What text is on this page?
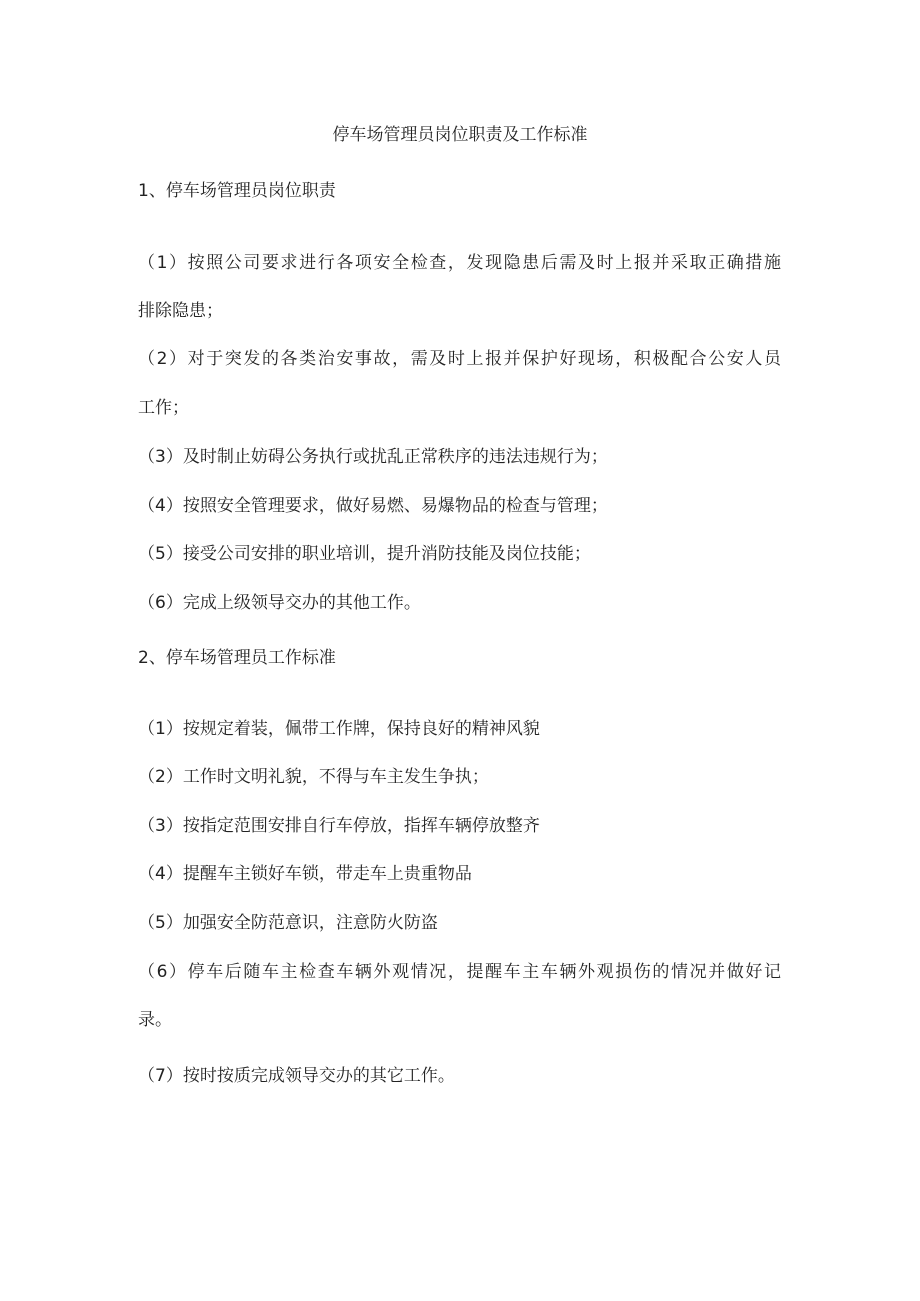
停车场管理员岗位职责及工作标准
1、停车场管理员岗位职责
（1）按照公司要求进行各项安全检查，发现隐患后需及时上报并采取正确措施
排除隐患；
（2）对于突发的各类治安事故，需及时上报并保护好现场，积极配合公安人员
工作；
（3）及时制止妨碍公务执行或扰乱正常秩序的违法违规行为；
（4）按照安全管理要求，做好易燃、易爆物品的检查与管理；
（5）接受公司安排的职业培训，提升消防技能及岗位技能；
（6）完成上级领导交办的其他工作。
2、停车场管理员工作标准
（1）按规定着装，佩带工作牌，保持良好的精神风貌
（2）工作时文明礼貌，不得与车主发生争执；
（3）按指定范围安排自行车停放，指挥车辆停放整齐
（4）提醒车主锁好车锁，带走车上贵重物品
（5）加强安全防范意识，注意防火防盗
（6）停车后随车主检查车辆外观情况，提醒车主车辆外观损伤的情况并做好记
录。
（7）按时按质完成领导交办的其它工作。
